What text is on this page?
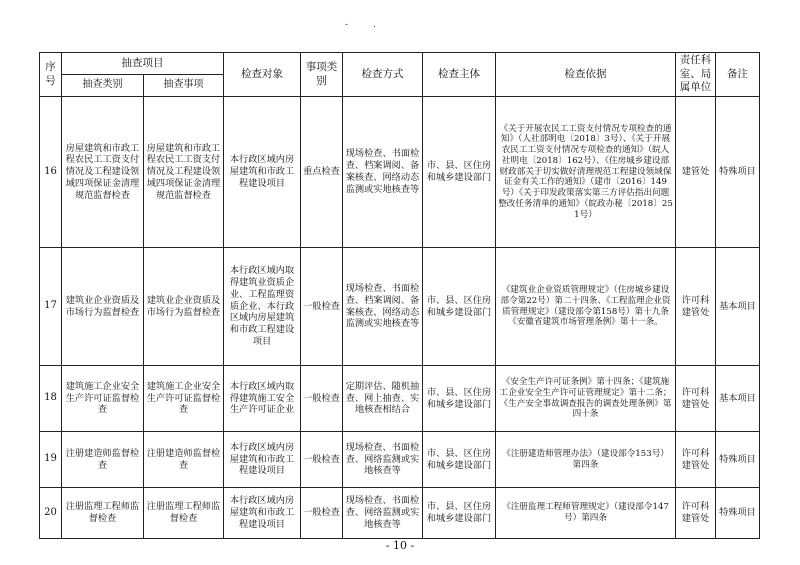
-	.
序号	抽查项目		检查对象	事项类别	检查方式	检查主体	检查依据	责任科室、局属单位	备注
	抽查类别	抽查事项							
16	房屋建筑和市政工程农民工工资支付情况及工程建设领域四项保证金清理规范监督检查	房屋建筑和市政工程农民工工资支付情况及工程建设领域四项保证金清理规范监督检查	本行政区域内房屋建筑和市政工程建设项目	重点检查	现场检查、书面检查、档案调阅、备案核查、网络动态监测或实地核查等	市、县、区住房和城乡建设部门	《关于开展农民工工资支付情况专项检查的通知》（人社部明电〔2018〕3号）、《关于开展农民工工资支付情况专项检查的通知》（皖人社明电〔2018〕162号）、《住房城乡建设部财政部关于切实做好清理规范工程建设领域保证金有关工作的通知》（建市〔2016〕149号）《关于印发政策落实第三方评估指出问题整改任务清单的通知》（皖政办秘〔2018〕251号）	建管处	特殊项目
17	建筑业企业资质及市场行为监督检查	建筑业企业资质及市场行为监督检查	本行政区域内取得建筑业资质企业、工程监理资质企业、本行政区域内房屋建筑和市政工程建设项目	一般检查	现场检查、书面检查、档案调阅、备案核查、网络动态监测或实地核查等	市、县、区住房和城乡建设部门	《建筑业企业资质管理规定》（住房城乡建设部令第22号）第二十四条、《工程监理企业资质管理规定》（建设部令第158号）第十九条《安徽省建筑市场管理条例》第十一条。	许可科建管处	基本项目
18	建筑施工企业安全生产许可证监督检查	建筑施工企业安全生产许可证监督检查	本行政区域内取得建筑施工安全生产许可证企业	一般检查	定期评估、随机抽查、网上抽查、实地核查相结合	市、县、区住房和城乡建设部门	《安全生产许可证条例》第十四条；《建筑施工企业安全生产许可证管理规定》第十二条；《生产安全事故调查报告的调查处理条例》第四十条	许可科建管处	基本项目
19	注册建造师监督检查	注册建造师监督检查	本行政区域内房屋建筑和市政工程建设项目	一般检查	现场检查、书面检查、网络监测或实地核查等	市、县、区住房和城乡建设部门	《注册建造师管理办法》（建设部令153号）第四条	许可科建管处	特殊项目
20	注册监理工程师监督检查	注册监理工程师监督检查	本行政区域内房屋建筑和市政工程建设项目	一般检查	现场检查、书面检查、网络监测或实地核查等	市、县、区住房和城乡建设部门	《注册监理工程师管理规定》（建设部令147号）第四条	许可科建管处	特殊项目
- 10 -
